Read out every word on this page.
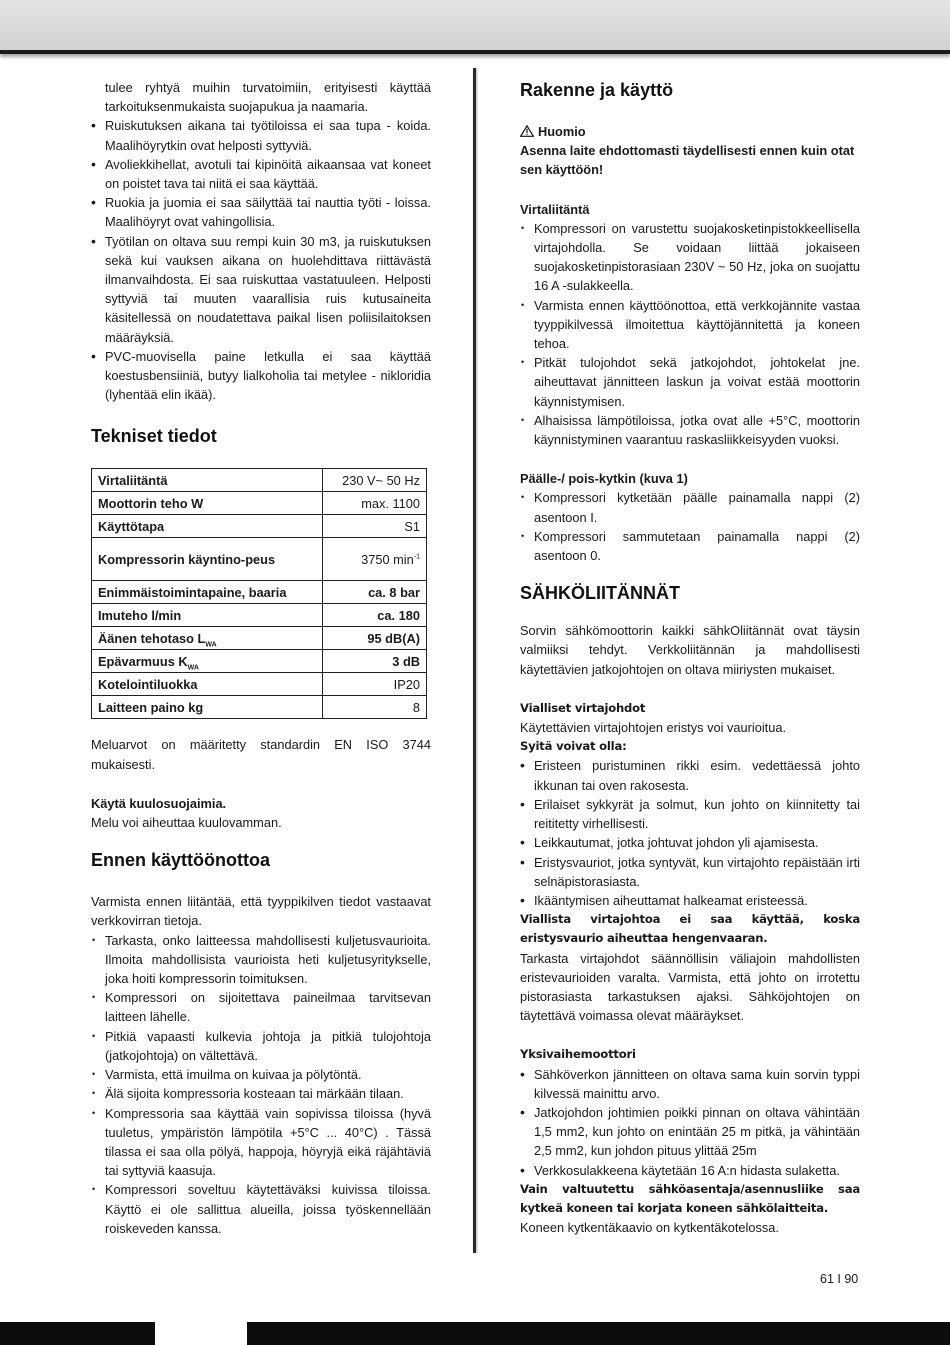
tulee ryhtyä muihin turvatoimiin, erityisesti käyttää tarkoituksenmukaista suojapukua ja naamaria.
• Ruiskutuksen aikana tai työtiloissa ei saa tupa - koida. Maalihöyrytkin ovat helposti syttyviä.
• Avoliekkihellat, avotuli tai kipinöitä aikaansaa vat koneet on poistet tava tai niitä ei saa käyttää.
• Ruokia ja juomia ei saa säilyttää tai nauttia työti - loissa. Maalihöyryt ovat vahingollisia.
• Työtilan on oltava suu rempi kuin 30 m3, ja ruiskutuksen sekä kui vauksen aikana on huolehdittava riittävästä ilmanvaihdosta. Ei saa ruiskuttaa vastatuuleen. Helposti syttyviä tai muuten vaarallisia ruis kutusaineita käsitellessä on noudatettava paikal lisen poliisilaitoksen määräyksiä.
• PVC-muovisella paine letkulla ei saa käyttää koestusbensiiniä, butyy lialkoholia tai metylee - nikloridia (lyhentää elin ikää).
Tekniset tiedot
Virtaliitäntä	230 V~ 50 Hz
Moottorin teho W	max. 1100
Käyttötapa	S1
Kompressorin käyntino-peus	3750 $\min^{-1}$
Enimmäistoimintapaine, baaria	ca. 8 bar
Imuteho l/min	ca. 180
Äänen tehotaso $L_{WA}$	95 dB(A)
Epävarmuus $K_{WA}$	3 dB
Kotelointiluokka	IP20
Laitteen paino kg	8

Meluarvot on määritetty standardin EN ISO 3744 mukaisesti.

Käytä kuulosuojaimia.

Melu voi aiheuttaa kuulovamman.

Ennen käyttöönottoa

Varmista ennen liitäntää, että tyyppikilven tiedot vastaavat verkkovirran tietoja.

• Tarkasta, onko laitteessa mahdollisesti kuljetusvaurioita. Ilmoita mahdollisista vaurioista heti kuljetusyritykselle, joka hoiti kompressorin toimituksen.
• Kompressori on sijoitettava paineilmaa tarvitsevan laitteen lähelle.
• Pitkiä vapaasti kulkevia johtoja ja pitkiä tulojohtoja (jatkojohtoja) on vältettävä.
• Varmista, että imuilma on kuivaa ja pölytöntä.
• Älä sijoita kompressoria kosteaan tai märkään tilaan.
• Kompressoria saa käyttää vain sopivissa tiloissa (hyvä tuuletus, ympäristön lämpötila +5°C ... 40°C) . Tässä tilassa ei saa olla pölyä, happoja, höyryjä eikä räjähtäviä tai syttyviä kaasuja.
• Kompressori soveltuu käytettäväksi kuivissa tiloissa. Käyttö ei ole sallittua alueilla, joissa työskennellään roiskeveden kanssa.
Rakenne ja käyttö

Huomio

Asenna laite ehdottomasti täydellisesti ennen kuin otat sen käyttöön!

Virtaliitäntä

• Kompressori on varustettu suojakosketinpistokkeellisella virtajohdolla. Se voidaan liittää jokaiseen suojakosketinpistorasiaan 230V ~ 50 Hz, joka on suojattu 16 A -sulakkeella.
• Varmista ennen käyttöönottoa, että verkkojännite vastaa tyyppikilvessä ilmoitettua käyttöjännitettä ja koneen tehoa.
• Pitkät tulojohdot sekä jatkojohdot, johtokelat jne. aiheuttavat jännitteen laskun ja voivat estää moottorin käynnistymisen.
• Alhaisissa lämpötiloissa, jotka ovat alle +5°C, moottorin käynnistyminen vaarantuu raskasliikkeisyyden vuoksi.

Päälle-/ pois-kytkin (kuva 1)

• Kompressori kytketään päälle painamalla nappi (2) asentoon I.
• Kompressori sammutetaan painamalla nappi (2) asentoon 0.
SÄHKÖLIITÄNNÄT

Sorvin sähkömoottorin kaikki sähkOliitännät ovat täysin valmiiksi tehdyt. Verkkoliitännän ja mahdollisesti käytettävien jatkojohtojen on oltava miiriysten mukaiset.

Vialliset virtajohdot

Käytettävien virtajohtojen eristys voi vaurioitua.

Syitä voivat olla:

• Eristeen puristuminen rikki esim. vedettäessä johto ikkunan tai oven rakosesta.
• Erilaiset sykkyrät ja solmut, kun johto on kiinnitetty tai reititetty virhellisesti.
• Leikkautumat, jotka johtuvat johdon yli ajamisesta.
• Eristysvauriot, jotka syntyvät, kun virtajohto repäistään irti selnäpistorasiasta.
• Ikääntymisen aiheuttamat halkeamat eristeessä.

Viallista virtajohtoa ei saa käyttää, koska eristysvaurio aiheuttaa hengenvaaran.

Tarkasta virtajohdot säännöllisin väliajoin mahdollisten eristevaurioiden varalta. Varmista, että johto on irrotettu pistorasiasta tarkastuksen ajaksi. Sähköjohtojen on täytettävä voimassa olevat määräykset.

Yksivaihemoottori

• Sähköverkon jännitteen on oltava sama kuin sorvin typpi kilvessä mainittu arvo.
• Jatkojohdon johtimien poikki pinnan on oltava vähintään 1,5 mm2, kun johto on enintään 25 m pitkä, ja vähintään 2,5 mm2, kun johdon pituus ylittää 25m
• Verkkosulakkeena käytetään 16 A:n hidasta sulaketta.

Vain valtuutettu sähköasentaja/asennusliike saa kytkeä koneen tai korjata koneen sähkölaitteita.

Koneen kytkentäkaavio on kytkentäkotelossa.

61 I 90
